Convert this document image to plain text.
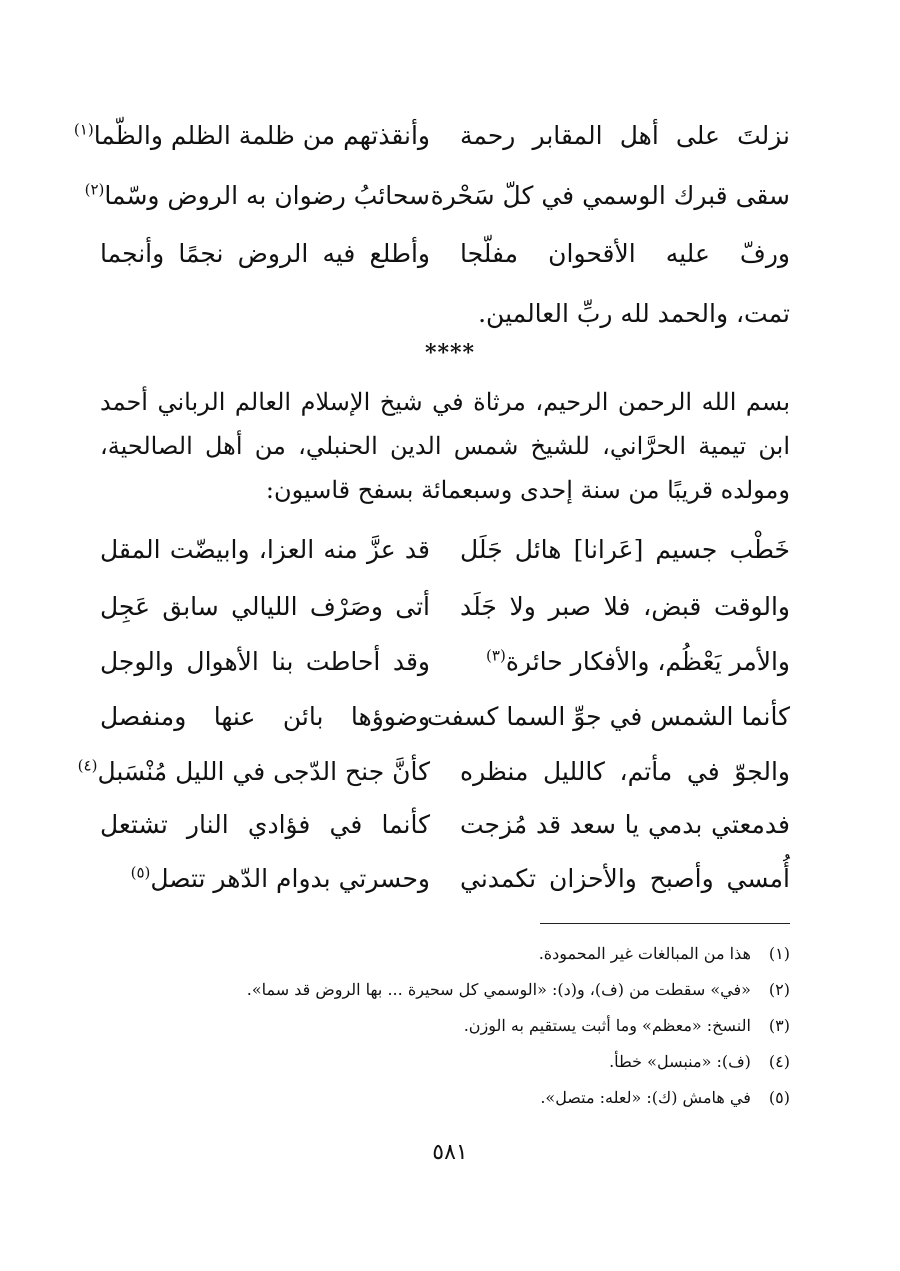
نزلتَ على أهل المقابر رحمة
وأنقذتهم من ظلمة الظلم والظّما$^{(١)}$
سقى قبرك الوسمي في كلّ سَحْرة
سحائبُ رضوان به الروض وسّما$^{(٢)}$
ورفّ عليه الأقحوان مفلّجا
وأطلع فيه الروض نجمًا وأنجما
تمت، والحمد لله ربِّ العالمين.
****
بسم الله الرحمن الرحيم، مرثاة في شيخ الإسلام العالم الرباني أحمد
ابن تيمية الحرَّاني، للشيخ شمس الدين الحنبلي، من أهل الصالحية،
ومولده قريبًا من سنة إحدى وسبعمائة بسفح قاسيون:
خَطْب جسيم [عَرانا] هائل جَلَل
قد عزَّ منه العزا، وابيضّت المقل
والوقت قبض، فلا صبر ولا جَلَد
أتى وصَرْف الليالي سابق عَجِل
والأمر يَعْظُم، والأفكار حائرة$^{(٣)}$
وقد أحاطت بنا الأهوال والوجل
كأنما الشمس في جوِّ السما كسفت
وضوؤها بائن عنها ومنفصل
والجوّ في مأتم، كالليل منظره
كأنَّ جنح الدّجى في الليل مُنْسَبل$^{(٤)}$
فدمعتي بدمي يا سعد قد مُزجت
كأنما في فؤادي النار تشتعل
أُمسي وأصبح والأحزان تكمدني
وحسرتي بدوام الدّهر تتصل$^{(٥)}$
(١) هذا من المبالغات غير المحمودة.
(٢) «في» سقطت من (ف)، و(د): «الوسمي كل سحيرة ... بها الروض قد سما».
(٣) النسخ: «معظم» وما أثبت يستقيم به الوزن.
(٤) (ف): «منبسل» خطأ.
(٥) في هامش (ك): «لعله: متصل».
٥٨١
